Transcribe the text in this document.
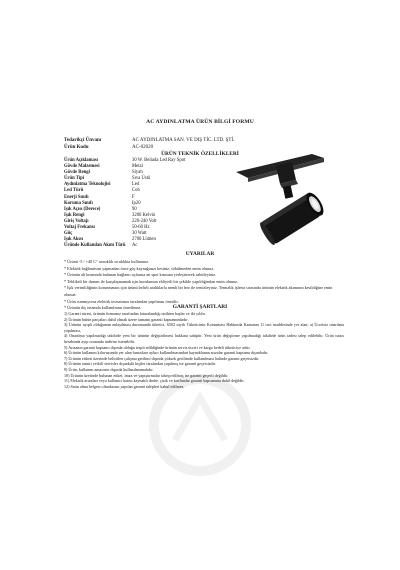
AC AYDINLATMA ÜRÜN BİLGİ FORMU
Tedarikçi Ünvanı	AC AYDINLATMA SAN. VE DIŞ TİC. LTD. ŞTİ.
Ürün Kodu	AC-02020
ÜRÜN TEKNİK ÖZELLİKLERİ
Ürün Açıklaması	30 W. Beliada Led Ray Spot
Gövde Malzemesi	Metal
Gövde Rengi	Siyah
Ürün Tipi	Sıva Üstü
Aydınlatma Teknolojisi	Led
Led Türü	Cob
Enerji Sınıfı	F
Koruma Sınıfı	Ip20
Işık Açısı (Derece)	90
Işık Rengi	3200 Kelvin
Giriş Voltajı	220-240 Volt
Voltaj Frekansı	50-60 Hz
Güç	30 Watt
Işık Akısı	2700 Lümen
Üründe Kullanılan Akım Türü	Ac
UYARILAR

* Ürünü -5 / +40 C° arasıklık sıcaklıkta kullanınız.

* Elektrik bağlantısını yapmadan önce güç kaynağınızı kesiniz, sökülmeden emin olunuz.

* Ürünün alt kısmında bulunan bağlantı uçlarına ait spot kısmına yerleştirerek sabitleyiniz.

* Tehlikeli bir durum ile karşılaşmamak için kurulumun ehliyetli bir şekilde yapıldığından emin olunuz.

* Işık verimliliğinin korunmasını için ürünü belirli aralıklarla nemli bir bez ile temizleyiniz. Temizlik işlemi sırasında ürünün elektrik akımının kesildiğine emin olunuz.

* Ürün ısınmıyorsa elektrik tesisatınızı tarafından yapılması önerilir.

* Ürünün dış ortamda kullanılması önerilmez.	GARANTİ ŞARTLARI

1) Garanti süresi, ürünün firmamız tarafından faturalandığı tarihten başlar ve iki yıldır.

2) Ürünün bütün parçaları dahil olmak üzere tamamı garanti kapsamındadır.

3) Ürünün ayıplı olduğunun anlaşılması durumunda tüketici, 6502 sayılı Tüketicinin Korunması Hakkında Kanunun 11 inci maddesinde yer alan; a) Ücretsiz onarılma yapılması,

4) Onarılma yapılmadığı takdirde yeni bir ürünün değiştirilmesi hakkına sahiptir. Yeni ürün değiştirme yapılmadığı takdirde ürün iadesi talep edilebilir. Ürün tutarı hesabında ayıp oranında indirim istenebilir.

5) Arızanın garanti kapsamı dışında olduğu tespit edildiğinde ürünün servis ücreti ve kargo bedeli tüketiciye aittir.

6) Ürünün kullanım kılavuzunda yer alan hususlara aykırı kullanılmasından kaynaklanan arızalar garanti kapsamı dışındadır.

7) Ürünün etiketi üzerinde belirtilen çalışma gerilimi dışında yüksek gerilimde kullanılması halinde garanti geçersizdir.

8) Ürünün tamiri yetkili servisler dışındaki kişiler tarafından yapılmış ise garanti geçersizdir.

9) Ürün, kullanım amacının dışında kullanılmamalıdır.

10) Ürünün üzerinde bulunan etiket, imza ve yapıştırmalar tahrip edilmiş ise garanti geçerli değildir.

11) Elektrik arızaları veya kullanıcı hatası kaynaklı darbe, çizik ve kırılmalar garanti kapsamına dahil değildir.

12) Satın alma belgesi olmaksızın yapılan garanti talepleri kabul edilmez.
